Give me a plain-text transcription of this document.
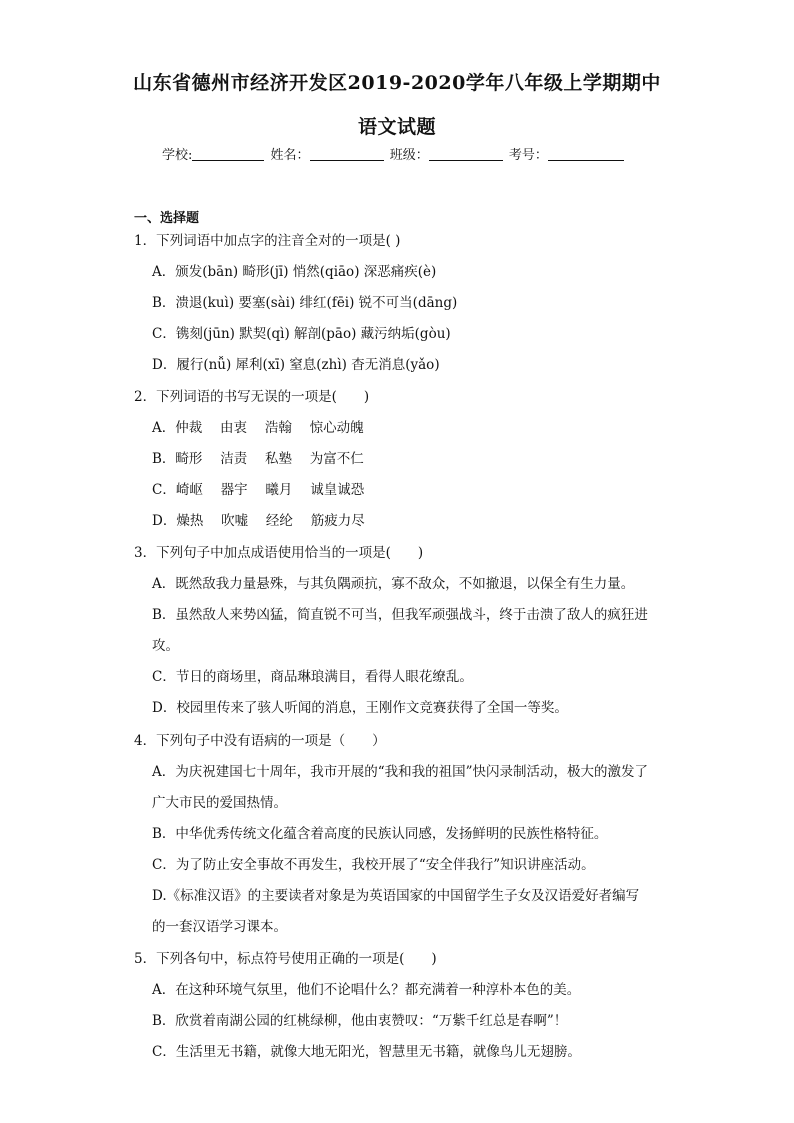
山东省德州市经济开发区2019-2020学年八年级上学期期中
语文试题
学校:	姓名：	班级：	考号：
一、选择题
1．下列词语中加点字的注音全对的一项是( )
A．颁发(bān) 畸形(jī) 悄然(qiāo) 深恶痛疾(è)
B．溃退(kuì) 要塞(sài) 绯红(fēi) 锐不可当(dāng)
C．镌刻(jūn) 默契(qì) 解剖(pāo) 藏污纳垢(gòu)
D．履行(nǚ) 犀利(xī) 窒息(zhì) 杳无消息(yǎo)
2．下列词语的书写无误的一项是(　　)
A．仲裁　 由衷　 浩翰　 惊心动魄
B．畸形　 洁责　 私塾　 为富不仁
C．崎岖　 器宇　 曦月　 诚皇诚恐
D．燥热　 吹嘘　 经纶　 筋疲力尽
3．下列句子中加点成语使用恰当的一项是(　　)
A．既然敌我力量悬殊，与其负隅顽抗，寡不敌众，不如撤退，以保全有生力量。
B．虽然敌人来势凶猛，简直锐不可当，但我军顽强战斗，终于击溃了敌人的疯狂进
攻。
C．节日的商场里，商品琳琅满目，看得人眼花缭乱。
D．校园里传来了骇人听闻的消息，王刚作文竞赛获得了全国一等奖。
4．下列句子中没有语病的一项是（　　）
A．为庆祝建国七十周年，我市开展的“我和我的祖国”快闪录制活动，极大的激发了
广大市民的爱国热情。
B．中华优秀传统文化蕴含着高度的民族认同感，发扬鲜明的民族性格特征。
C．为了防止安全事故不再发生，我校开展了“安全伴我行”知识讲座活动。
D.《标准汉语》的主要读者对象是为英语国家的中国留学生子女及汉语爱好者编写
的一套汉语学习课本。
5．下列各句中，标点符号使用正确的一项是(　　)
A．在这种环境气氛里，他们不论唱什么？都充满着一种淳朴本色的美。
B．欣赏着南湖公园的红桃绿柳，他由衷赞叹：“万紫千红总是春啊”！
C．生活里无书籍，就像大地无阳光，智慧里无书籍，就像鸟儿无翅膀。
